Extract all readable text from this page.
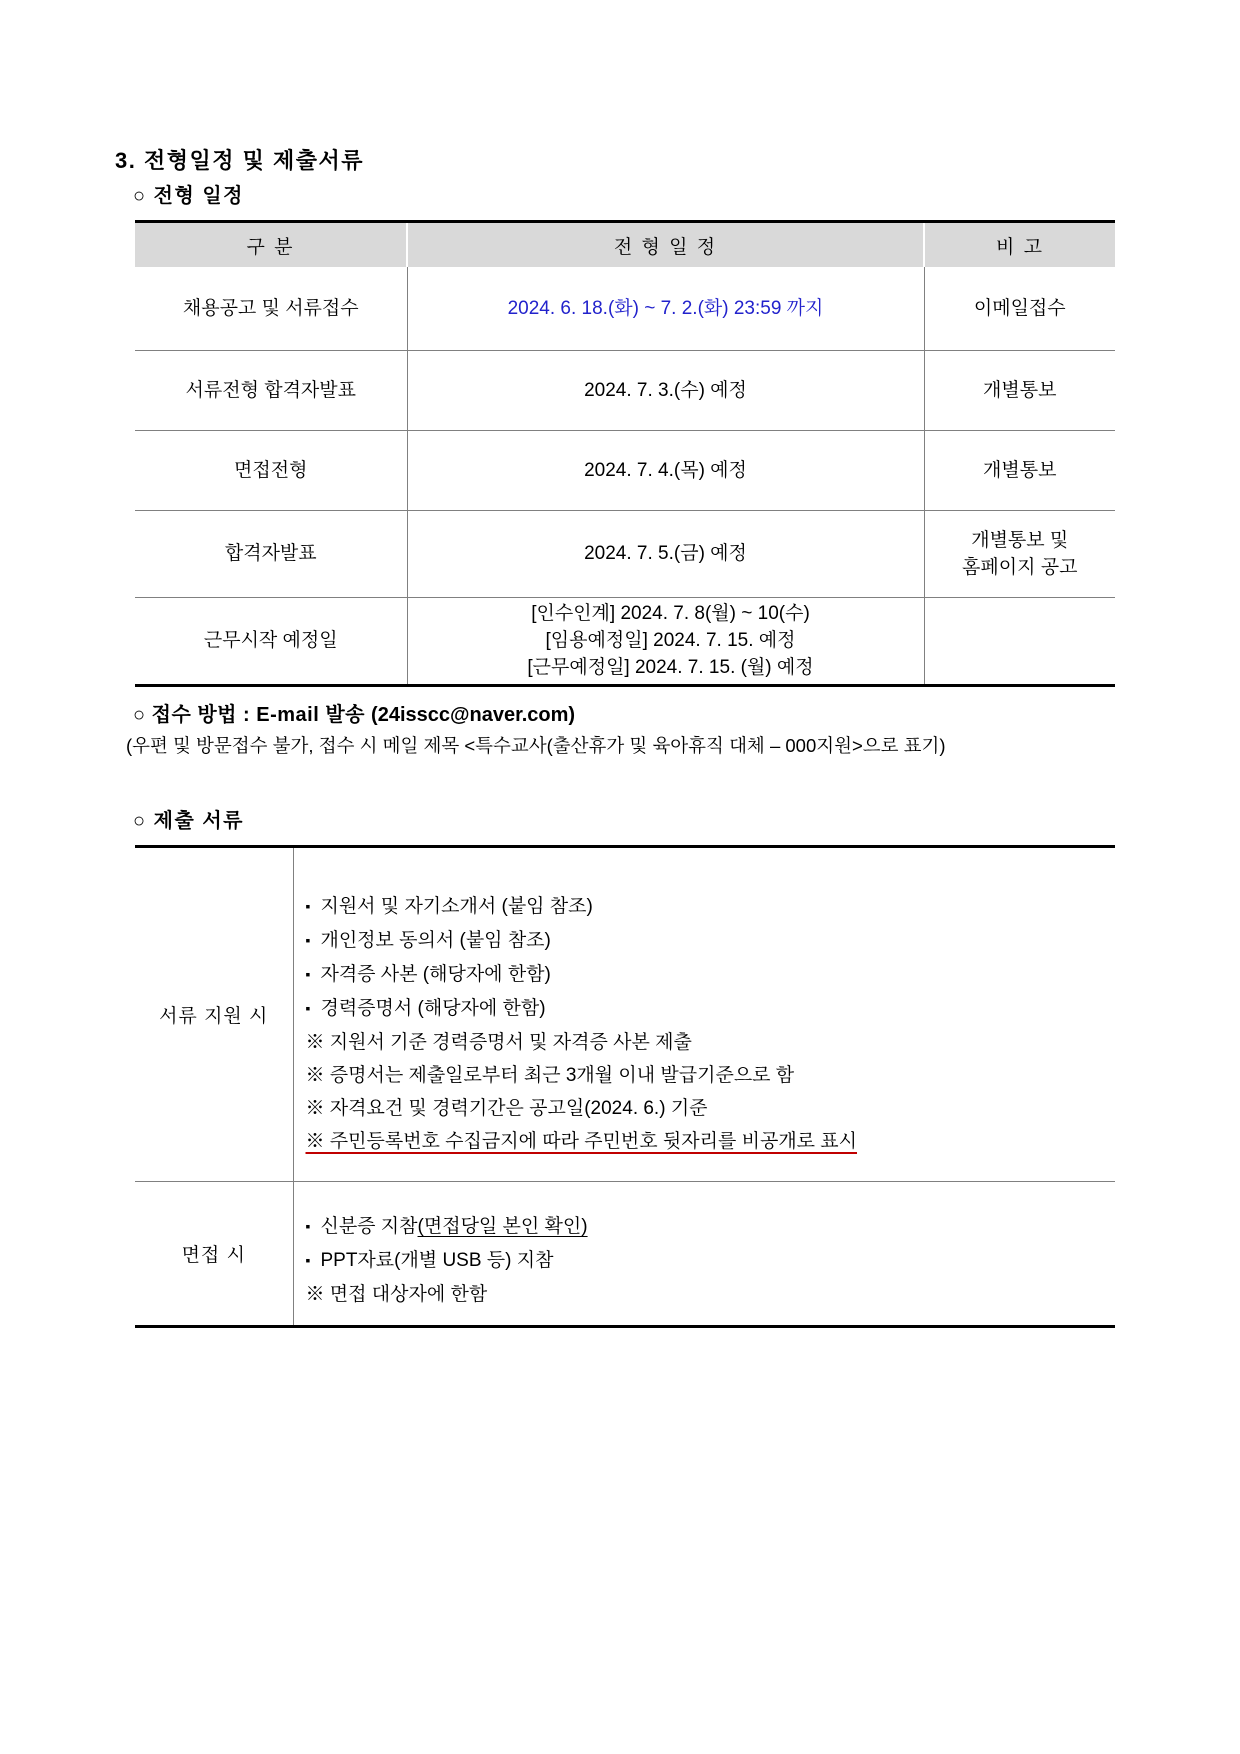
3. 전형일정 및 제출서류
○ 전형 일정
구 분	전 형 일 정	비 고
채용공고 및 서류접수	2024. 6. 18.(화) ~ 7. 2.(화) 23:59 까지	이메일접수
서류전형 합격자발표	2024. 7. 3.(수) 예정	개별통보
면접전형	2024. 7. 4.(목) 예정	개별통보
합격자발표	2024. 7. 5.(금) 예정	개별통보 및
홈페이지 공고

근무시작 예정일	[인수인계] 2024. 7. 8(월) ~ 10(수)
[임용예정일] 2024. 7. 15. 예정
[근무예정일] 2024. 7. 15. (월) 예정	

○ 접수 방법 : E-mail 발송 (24isscc@naver.com)
(우편 및 방문접수 불가, 접수 시 메일 제목 <특수교사(출산휴가 및 육아휴직 대체 – 000지원>으로 표기)
○ 제출 서류
서류 지원 시	
▪ 지원서 및 자기소개서 (붙임 참조)
▪ 개인정보 동의서 (붙임 참조)
▪ 자격증 사본 (해당자에 한함)
▪ 경력증명서 (해당자에 한함)
※ 지원서 기준 경력증명서 및 자격증 사본 제출
※ 증명서는 제출일로부터 최근 3개월 이내 발급기준으로 함
※ 자격요건 및 경력기간은 공고일(2024. 6.) 기준
※ 주민등록번호 수집금지에 따라 주민번호 뒷자리를 비공개로 표시

면접 시	▪ 신분증 지참(면접당일 본인 확인)
▪ PPT자료(개별 USB 등) 지참
※ 면접 대상자에 한함
